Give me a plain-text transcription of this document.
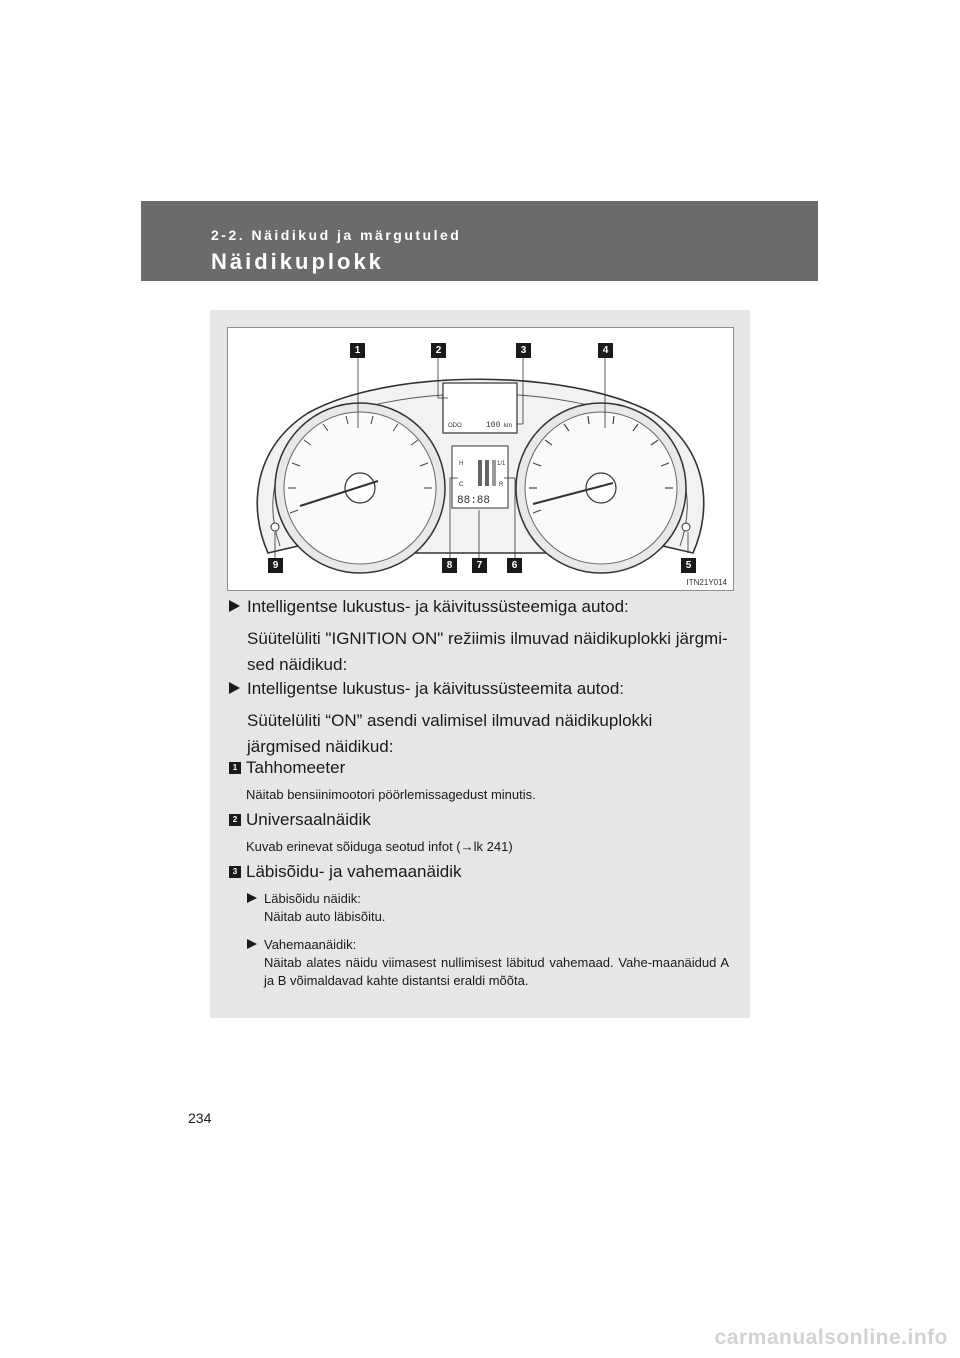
2-2. Näidikud ja märgutuled
Näidikuplokk
ODO	100 km
H
C
1/1
R
88:88
1	2	3	4
5
6
7
8
9
ITN21Y014
Intelligentse lukustus- ja käivitussüsteemiga autod:
Süütelüliti "IGNITION ON" režiimis ilmuvad näidikuplokki järgmi-sed näidikud:
Intelligentse lukustus- ja käivitussüsteemita autod:
Süütelüliti “ON” asendi valimisel ilmuvad näidikuplokki järgmised näidikud:
1 Tahhomeeter
Näitab bensiinimootori pöörlemissagedust minutis.
2 Universaalnäidik
Kuvab erinevat sõiduga seotud infot (→lk 241)
3 Läbisõidu- ja vahemaanäidik
Läbisõidu näidik:
Näitab auto läbisõitu.
Vahemaanäidik:
Näitab alates näidu viimasest nullimisest läbitud vahemaad. Vahe-maanäidud A ja B võimaldavad kahte distantsi eraldi mõõta.
234
carmanualsonline.info
